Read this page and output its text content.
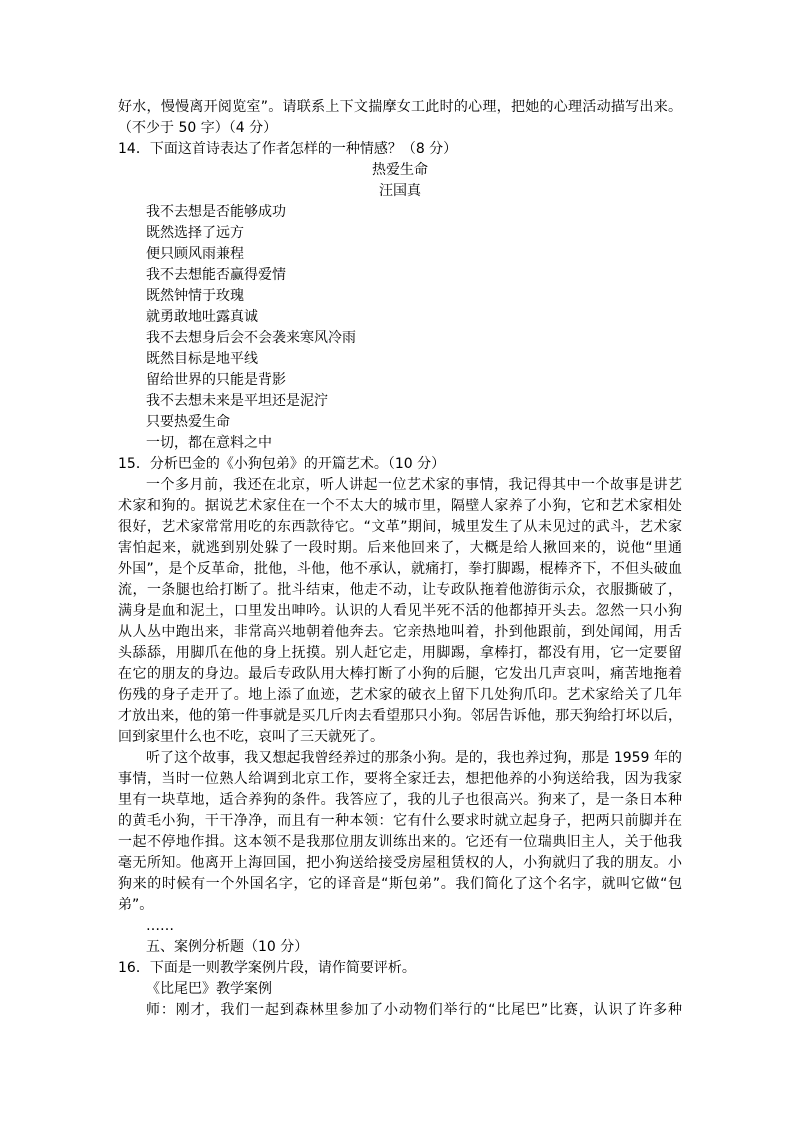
好水，慢慢离开阅览室”。请联系上下文揣摩女工此时的心理，把她的心理活动描写出来。
（不少于 50 字）（4 分）
14．下面这首诗表达了作者怎样的一种情感？（8 分）
热爱生命
汪国真
我不去想是否能够成功
既然选择了远方
便只顾风雨兼程
我不去想能否赢得爱情
既然钟情于玫瑰
就勇敢地吐露真诚
我不去想身后会不会袭来寒风冷雨
既然目标是地平线
留给世界的只能是背影
我不去想未来是平坦还是泥泞
只要热爱生命
一切，都在意料之中
15．分析巴金的《小狗包弟》的开篇艺术。（10 分）
一个多月前，我还在北京，听人讲起一位艺术家的事情，我记得其中一个故事是讲艺
术家和狗的。据说艺术家住在一个不太大的城市里，隔壁人家养了小狗，它和艺术家相处
很好，艺术家常常用吃的东西款待它。“文革”期间，城里发生了从未见过的武斗，艺术家
害怕起来，就逃到别处躲了一段时期。后来他回来了，大概是给人揪回来的，说他“里通
外国”，是个反革命，批他，斗他，他不承认，就痛打，拳打脚踢，棍棒齐下，不但头破血
流，一条腿也给打断了。批斗结束，他走不动，让专政队拖着他游街示众，衣服撕破了，
满身是血和泥土，口里发出呻吟。认识的人看见半死不活的他都掉开头去。忽然一只小狗
从人丛中跑出来，非常高兴地朝着他奔去。它亲热地叫着，扑到他跟前，到处闻闻，用舌
头舔舔，用脚爪在他的身上抚摸。别人赶它走，用脚踢，拿棒打，都没有用，它一定要留
在它的朋友的身边。最后专政队用大棒打断了小狗的后腿，它发出几声哀叫，痛苦地拖着
伤残的身子走开了。地上添了血迹，艺术家的破衣上留下几处狗爪印。艺术家给关了几年
才放出来，他的第一件事就是买几斤肉去看望那只小狗。邻居告诉他，那天狗给打坏以后，
回到家里什么也不吃，哀叫了三天就死了。
听了这个故事，我又想起我曾经养过的那条小狗。是的，我也养过狗，那是 1959 年的
事情，当时一位熟人给调到北京工作，要将全家迁去，想把他养的小狗送给我，因为我家
里有一块草地，适合养狗的条件。我答应了，我的儿子也很高兴。狗来了，是一条日本种
的黄毛小狗，干干净净，而且有一种本领：它有什么要求时就立起身子，把两只前脚并在
一起不停地作揖。这本领不是我那位朋友训练出来的。它还有一位瑞典旧主人，关于他我
毫无所知。他离开上海回国，把小狗送给接受房屋租赁权的人，小狗就归了我的朋友。小
狗来的时候有一个外国名字，它的译音是“斯包弟”。我们简化了这个名字，就叫它做“包
弟”。
……
五、案例分析题（10 分）
16．下面是一则教学案例片段，请作简要评析。
《比尾巴》教学案例
师：刚才，我们一起到森林里参加了小动物们举行的“比尾巴”比赛，认识了许多种
